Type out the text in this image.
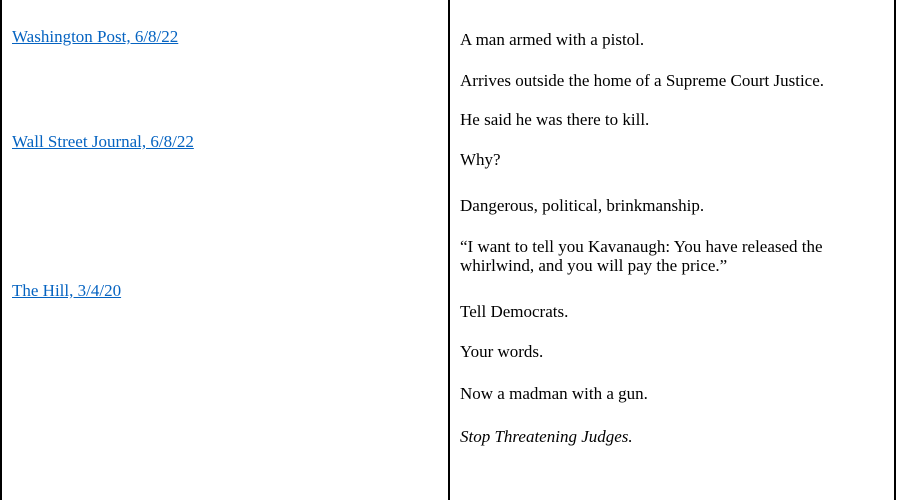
Washington Post, 6/8/22
Wall Street Journal, 6/8/22
The Hill, 3/4/20
A man armed with a pistol.
Arrives outside the home of a Supreme Court Justice.
He said he was there to kill.
Why?
Dangerous, political, brinkmanship.
“I want to tell you Kavanaugh: You have released the whirlwind, and you will pay the price.”
Tell Democrats.
Your words.
Now a madman with a gun.
Stop Threatening Judges.
